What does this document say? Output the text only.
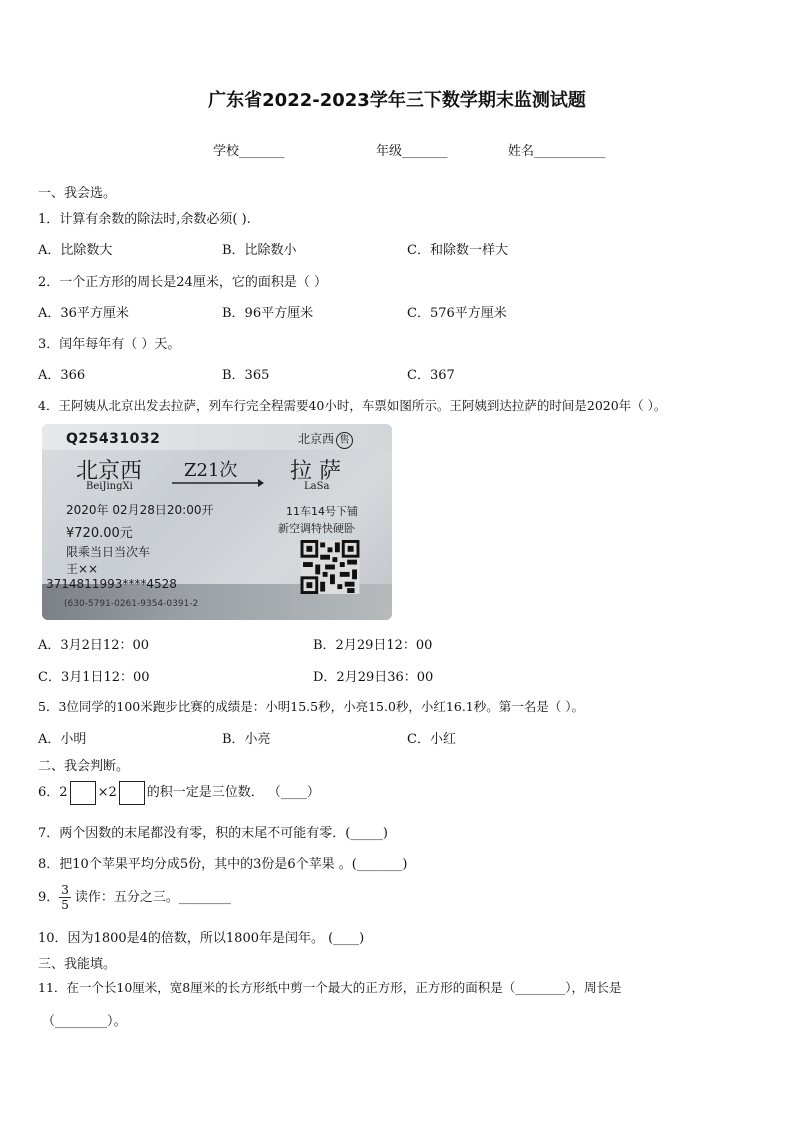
广东省2022-2023学年三下数学期末监测试题
学校_______	年级_______	姓名___________
一、我会选。
1．计算有余数的除法时,余数必须( ).
A．比除数大	B．比除数小	C．和除数一样大
2．一个正方形的周长是24厘米，它的面积是（ ）
A．36平方厘米	B．96平方厘米	C．576平方厘米
3．闰年每年有（ ）天。
A．366	B．365	C．367
4．王阿姨从北京出发去拉萨，列车行完全程需要40小时，车票如图所示。王阿姨到达拉萨的时间是2020年（ ）。
Q25431032	北京西 售
北京西
BeiJingXi
Z21次 拉 萨
LaSa
2020年 02月28日20:00开	11车14号下铺
¥720.00元	新空调特快硬卧
限乘当日当次车
王××
3714811993****4528
(630-5791-0261-9354-0391-2
A．3月2日12：00	B．2月29日12：00
C．3月1日12：00	D．2月29日36：00
5．3位同学的100米跑步比赛的成绩是：小明15.5秒，小亮15.0秒，小红16.1秒。第一名是（ ）。
A．小明	B．小亮	C．小红
二、我会判断。
6．2 ×2 的积一定是三位数． （____）
7．两个因数的末尾都没有零，积的末尾不可能有零．(_____)
8．把10个苹果平均分成5份，其中的3份是6个苹果 。(_______)
9． $\frac{3}{5}$ 读作：五分之三。________
10．因为1800是4的倍数，所以1800年是闰年。 (____)
三、我能填。
11．在一个长10厘米，宽8厘米的长方形纸中剪一个最大的正方形，正方形的面积是（________），周长是
（________）。
